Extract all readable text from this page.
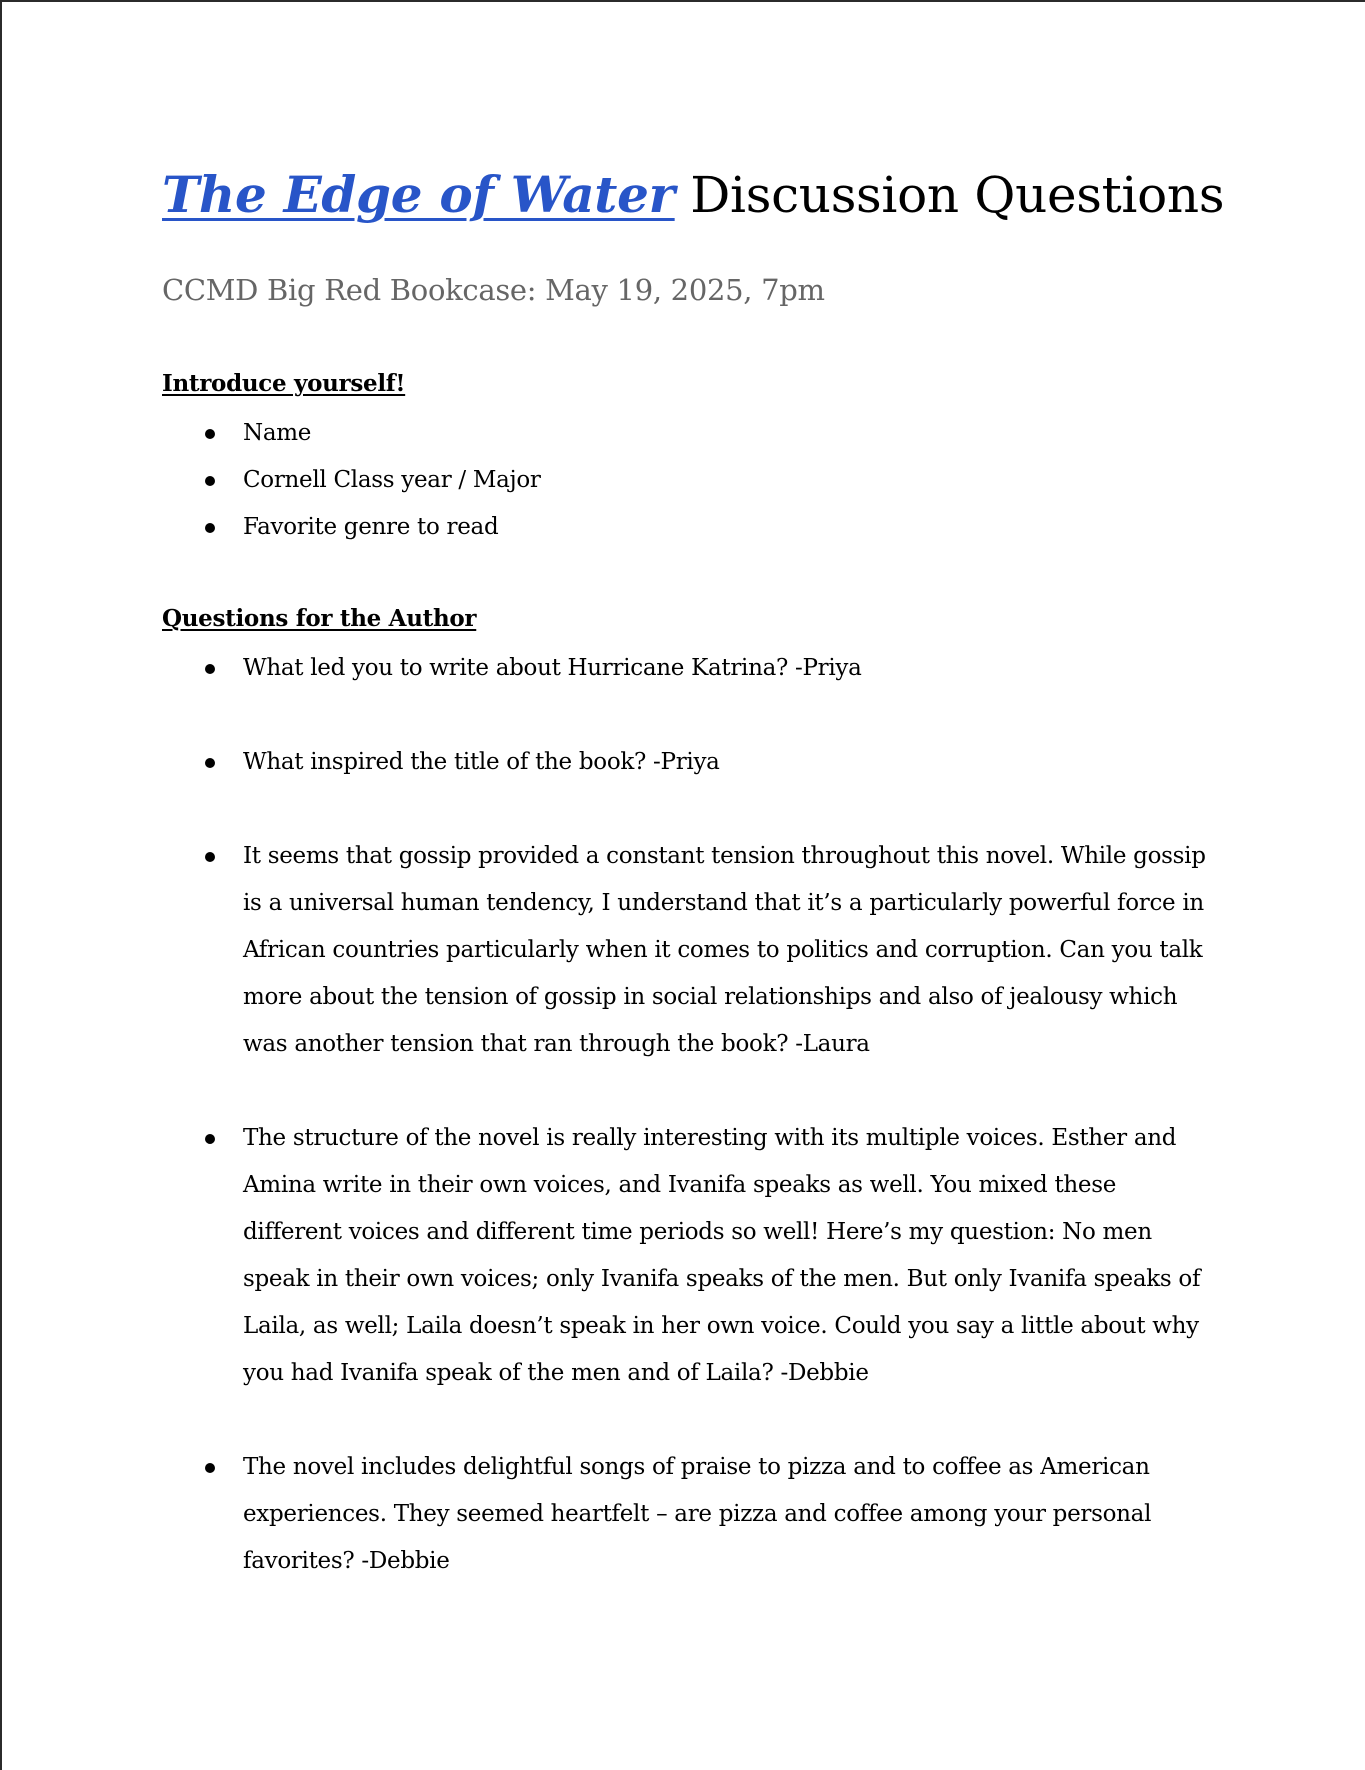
The Edge of Water Discussion Questions

CCMD Big Red Bookcase: May 19, 2025, 7pm

Introduce yourself!
Name
Cornell Class year / Major
Favorite genre to read
Questions for the Author
What led you to write about Hurricane Katrina? -Priya
What inspired the title of the book? -Priya
It seems that gossip provided a constant tension throughout this novel. While gossip is a universal human tendency, I understand that it’s a particularly powerful force in African countries particularly when it comes to politics and corruption. Can you talk more about the tension of gossip in social relationships and also of jealousy which was another tension that ran through the book? -Laura
The structure of the novel is really interesting with its multiple voices. Esther and Amina write in their own voices, and Ivanifa speaks as well. You mixed these different voices and different time periods so well! Here’s my question: No men speak in their own voices; only Ivanifa speaks of the men. But only Ivanifa speaks of Laila, as well; Laila doesn’t speak in her own voice. Could you say a little about why you had Ivanifa speak of the men and of Laila? -Debbie
The novel includes delightful songs of praise to pizza and to coffee as American experiences. They seemed heartfelt – are pizza and coffee among your personal favorites? -Debbie
